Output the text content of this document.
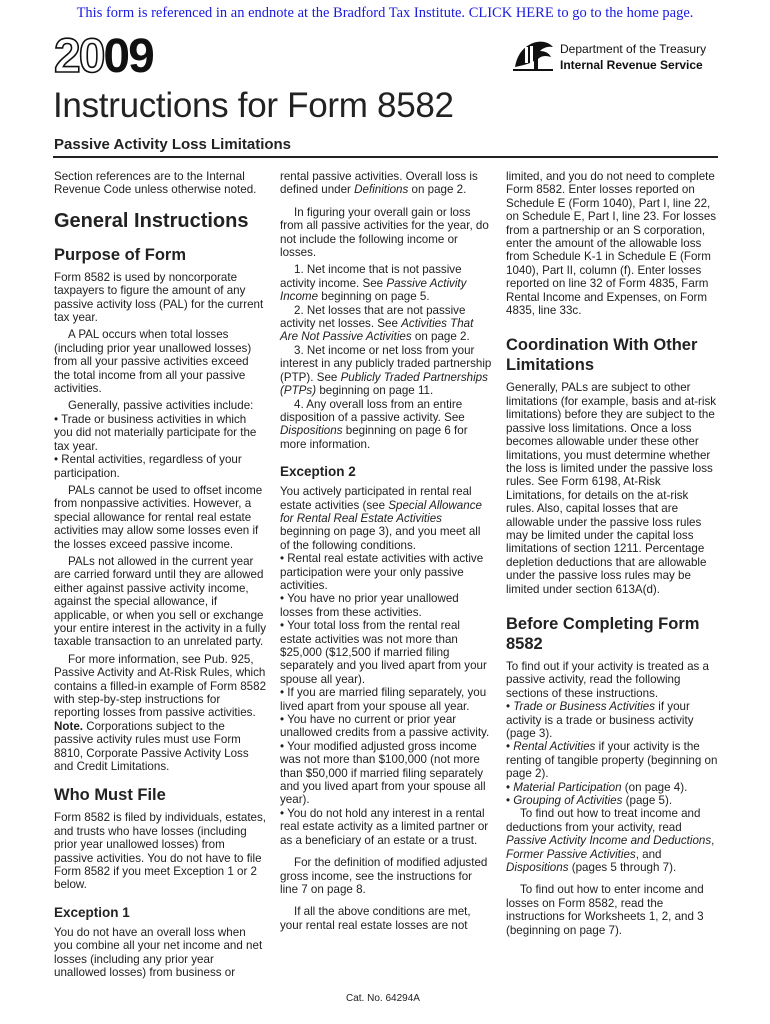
This form is referenced in an endnote at the Bradford Tax Institute. CLICK HERE to go to the home page.
2009	Department of the Treasury
Internal Revenue Service
Instructions for Form 8582
Passive Activity Loss Limitations

Section references are to the Internal Revenue Code unless otherwise noted.

General Instructions
Purpose of Form

Form 8582 is used by noncorporate taxpayers to figure the amount of any passive activity loss (PAL) for the current tax year.

A PAL occurs when total losses (including prior year unallowed losses) from all your passive activities exceed the total income from all your passive activities.

Generally, passive activities include:

• Trade or business activities in which you did not materially participate for the tax year.

• Rental activities, regardless of your participation.

PALs cannot be used to offset income from nonpassive activities. However, a special allowance for rental real estate activities may allow some losses even if the losses exceed passive income.

PALs not allowed in the current year are carried forward until they are allowed either against passive activity income, against the special allowance, if applicable, or when you sell or exchange your entire interest in the activity in a fully taxable transaction to an unrelated party.

For more information, see Pub. 925, Passive Activity and At-Risk Rules, which contains a filled-in example of Form 8582 with step-by-step instructions for reporting losses from passive activities.

Note. Corporations subject to the passive activity rules must use Form 8810, Corporate Passive Activity Loss and Credit Limitations.

Who Must File

Form 8582 is filed by individuals, estates, and trusts who have losses (including prior year unallowed losses) from passive activities. You do not have to file Form 8582 if you meet Exception 1 or 2 below.

Exception 1

You do not have an overall loss when you combine all your net income and net losses (including any prior year unallowed losses) from business or

rental passive activities. Overall loss is defined under Definitions on page 2.

In figuring your overall gain or loss from all passive activities for the year, do not include the following income or losses.

1. Net income that is not passive activity income. See Passive Activity Income beginning on page 5.

2. Net losses that are not passive activity net losses. See Activities That Are Not Passive Activities on page 2.

3. Net income or net loss from your interest in any publicly traded partnership (PTP). See Publicly Traded Partnerships (PTPs) beginning on page 11.

4. Any overall loss from an entire disposition of a passive activity. See Dispositions beginning on page 6 for more information.

Exception 2

You actively participated in rental real estate activities (see Special Allowance for Rental Real Estate Activities beginning on page 3), and you meet all of the following conditions.

• Rental real estate activities with active participation were your only passive activities.

• You have no prior year unallowed losses from these activities.

• Your total loss from the rental real estate activities was not more than $25,000 ($12,500 if married filing separately and you lived apart from your spouse all year).

• If you are married filing separately, you lived apart from your spouse all year.

• You have no current or prior year unallowed credits from a passive activity.

• Your modified adjusted gross income was not more than $100,000 (not more than $50,000 if married filing separately and you lived apart from your spouse all year).

• You do not hold any interest in a rental real estate activity as a limited partner or as a beneficiary of an estate or a trust.

For the definition of modified adjusted gross income, see the instructions for line 7 on page 8.

If all the above conditions are met, your rental real estate losses are not

limited, and you do not need to complete Form 8582. Enter losses reported on Schedule E (Form 1040), Part I, line 22, on Schedule E, Part I, line 23. For losses from a partnership or an S corporation, enter the amount of the allowable loss from Schedule K-1 in Schedule E (Form 1040), Part II, column (f). Enter losses reported on line 32 of Form 4835, Farm Rental Income and Expenses, on Form 4835, line 33c.

Coordination With Other Limitations

Generally, PALs are subject to other limitations (for example, basis and at-risk limitations) before they are subject to the passive loss limitations. Once a loss becomes allowable under these other limitations, you must determine whether the loss is limited under the passive loss rules. See Form 6198, At-Risk Limitations, for details on the at-risk rules. Also, capital losses that are allowable under the passive loss rules may be limited under the capital loss limitations of section 1211. Percentage depletion deductions that are allowable under the passive loss rules may be limited under section 613A(d).

Before Completing Form 8582

To find out if your activity is treated as a passive activity, read the following sections of these instructions.

• Trade or Business Activities if your activity is a trade or business activity (page 3).

• Rental Activities if your activity is the renting of tangible property (beginning on page 2).

• Material Participation (on page 4).

• Grouping of Activities (page 5).

To find out how to treat income and deductions from your activity, read Passive Activity Income and Deductions, Former Passive Activities, and Dispositions (pages 5 through 7).

To find out how to enter income and losses on Form 8582, read the instructions for Worksheets 1, 2, and 3 (beginning on page 7).

Cat. No. 64294A
